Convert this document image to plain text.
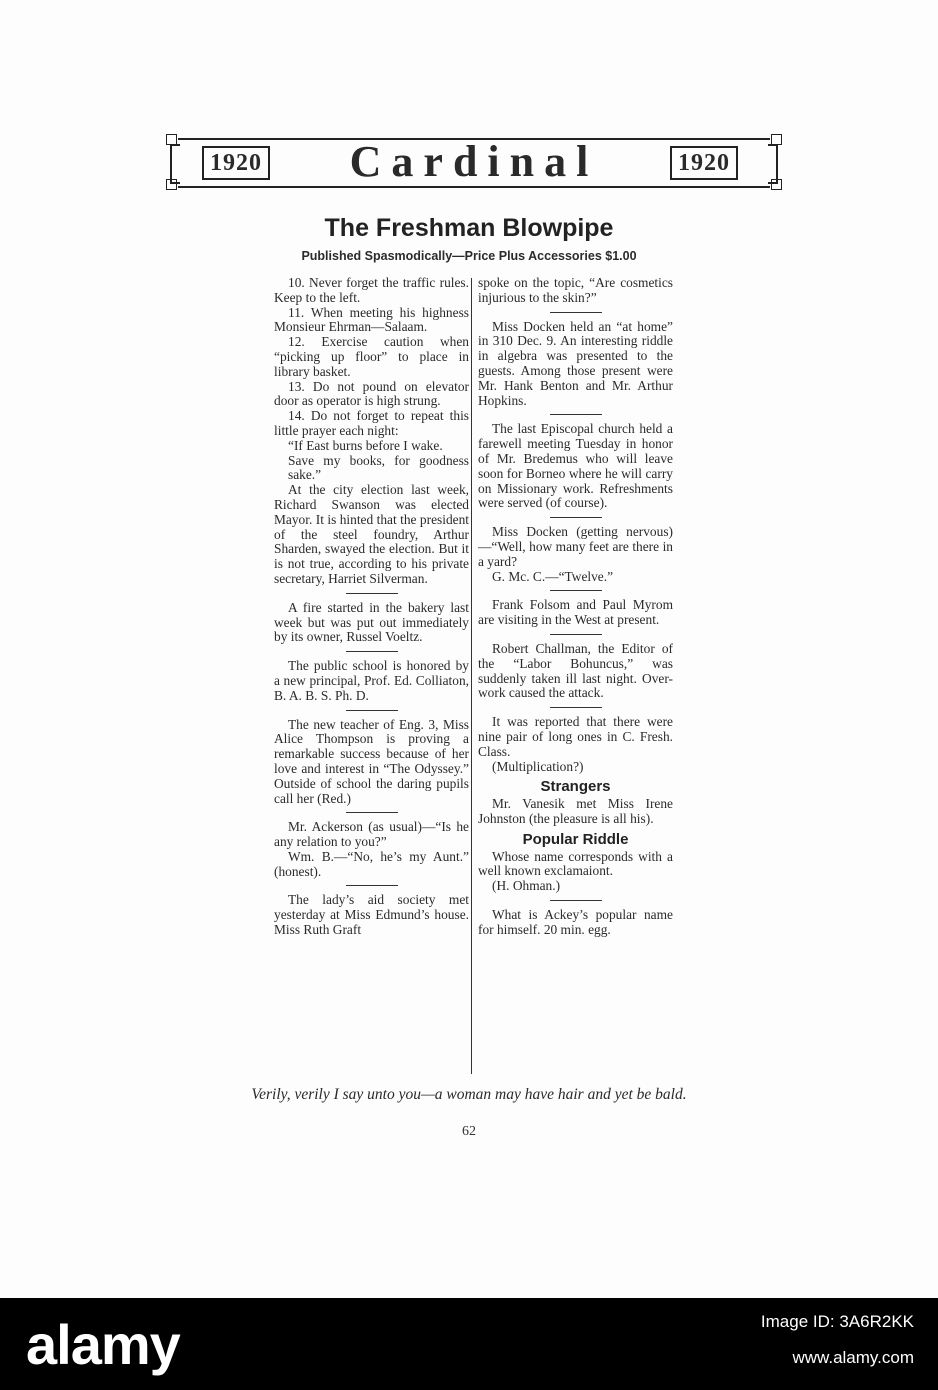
1920	Cardinal	1920
The Freshman Blowpipe
Published Spasmodically—Price Plus Accessories $1.00

10. Never forget the traffic rules. Keep to the left.

11. When meeting his highness Monsieur Ehrman—Salaam.

12. Exercise caution when “picking up floor” to place in library basket.

13. Do not pound on elevator door as operator is high strung.

14. Do not forget to repeat this little prayer each night:

“If East burns before I wake.

Save my books, for goodness sake.”

At the city election last week, Richard Swanson was elected Mayor. It is hinted that the president of the steel foundry, Arthur Sharden, swayed the election. But it is not true, according to his private secretary, Harriet Silverman.

A fire started in the bakery last week but was put out immediately by its owner, Russel Voeltz.

The public school is honored by a new principal, Prof. Ed. Colliaton, B. A. B. S. Ph. D.

The new teacher of Eng. 3, Miss Alice Thompson is proving a remarkable success because of her love and interest in “The Odyssey.” Outside of school the daring pupils call her (Red.)

Mr. Ackerson (as usual)—“Is he any relation to you?”

Wm. B.—“No, he’s my Aunt.” (honest).

The lady’s aid society met yesterday at Miss Edmund’s house. Miss Ruth Graft

spoke on the topic, “Are cosmetics injurious to the skin?”

Miss Docken held an “at home” in 310 Dec. 9. An interesting riddle in algebra was presented to the guests. Among those present were Mr. Hank Benton and Mr. Arthur Hopkins.

The last Episcopal church held a farewell meeting Tuesday in honor of Mr. Bredemus who will leave soon for Borneo where he will carry on Missionary work. Refreshments were served (of course).

Miss Docken (getting nervous)—“Well, how many feet are there in a yard?

G. Mc. C.—“Twelve.”

Frank Folsom and Paul Myrom are visiting in the West at present.

Robert Challman, the Editor of the “Labor Bohuncus,” was suddenly taken ill last night. Over-work caused the attack.

It was reported that there were nine pair of long ones in C. Fresh. Class.

(Multiplication?)

Strangers

Mr. Vanesik met Miss Irene Johnston (the pleasure is all his).

Popular Riddle

Whose name corresponds with a well known exclamaiont.

(H. Ohman.)

What is Ackey’s popular name for himself. 20 min. egg.

Verily, verily I say unto you—a woman may have hair and yet be bald.
62
alamy	Image ID: 3A6R2KK
www.alamy.com
